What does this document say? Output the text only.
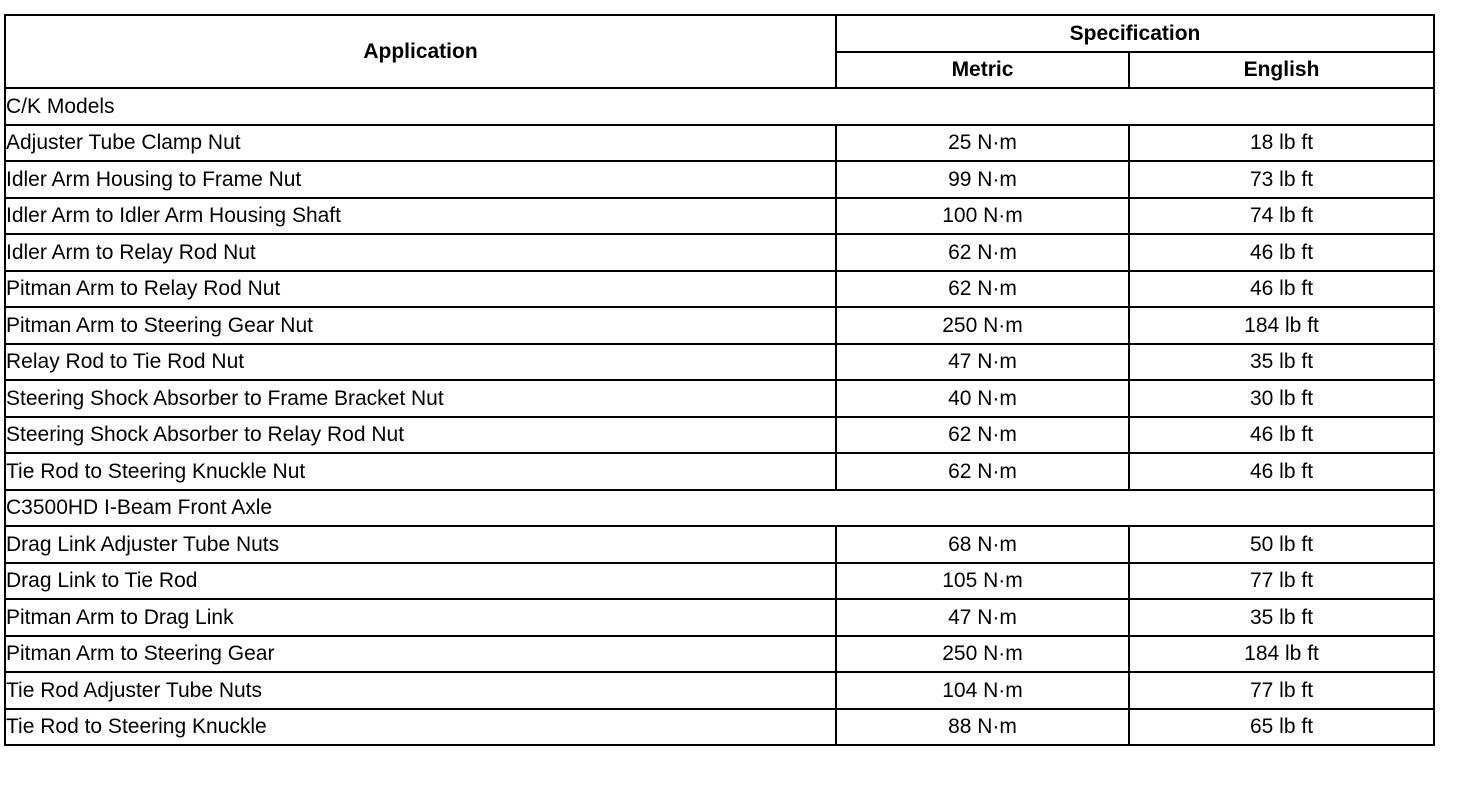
Application	Specification	
	Metric	English
C/K Models		
Adjuster Tube Clamp Nut	25 N·m	18 lb ft
Idler Arm Housing to Frame Nut	99 N·m	73 lb ft
Idler Arm to Idler Arm Housing Shaft	100 N·m	74 lb ft
Idler Arm to Relay Rod Nut	62 N·m	46 lb ft
Pitman Arm to Relay Rod Nut	62 N·m	46 lb ft
Pitman Arm to Steering Gear Nut	250 N·m	184 lb ft
Relay Rod to Tie Rod Nut	47 N·m	35 lb ft
Steering Shock Absorber to Frame Bracket Nut	40 N·m	30 lb ft
Steering Shock Absorber to Relay Rod Nut	62 N·m	46 lb ft
Tie Rod to Steering Knuckle Nut	62 N·m	46 lb ft
C3500HD I-Beam Front Axle		
Drag Link Adjuster Tube Nuts	68 N·m	50 lb ft
Drag Link to Tie Rod	105 N·m	77 lb ft
Pitman Arm to Drag Link	47 N·m	35 lb ft
Pitman Arm to Steering Gear	250 N·m	184 lb ft
Tie Rod Adjuster Tube Nuts	104 N·m	77 lb ft
Tie Rod to Steering Knuckle	88 N·m	65 lb ft
